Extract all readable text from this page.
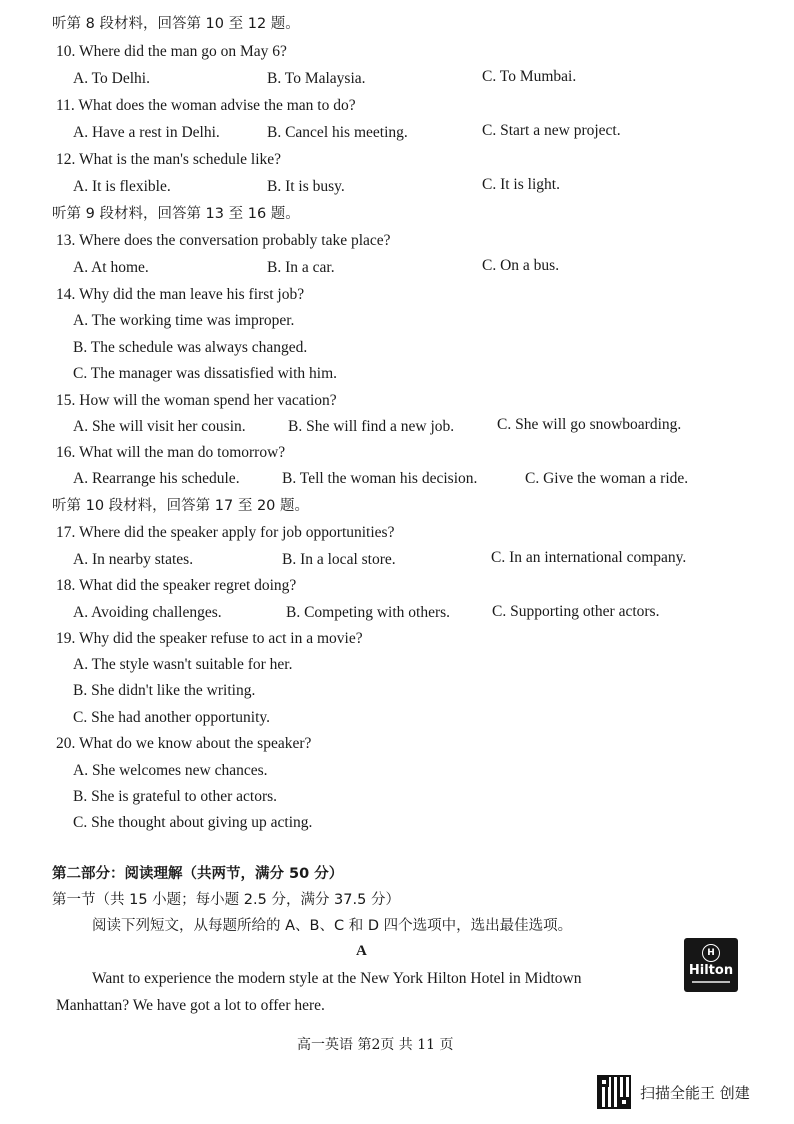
听第 8 段材料，回答第 10 至 12 题。
10. Where did the man go on May 6?
A. To Delhi.	B. To Malaysia.	C. To Mumbai.
11. What does the woman advise the man to do?
A. Have a rest in Delhi.	B. Cancel his meeting.	C. Start a new project.
12. What is the man's schedule like?
A. It is flexible.	B. It is busy.	C. It is light.
听第 9 段材料，回答第 13 至 16 题。
13. Where does the conversation probably take place?
A. At home.	B. In a car.	C. On a bus.
14. Why did the man leave his first job?
A. The working time was improper.
B. The schedule was always changed.
C. The manager was dissatisfied with him.
15. How will the woman spend her vacation?
A. She will visit her cousin.	B. She will find a new job.	C. She will go snowboarding.
16. What will the man do tomorrow?
A. Rearrange his schedule.	B. Tell the woman his decision.	C. Give the woman a ride.
听第 10 段材料，回答第 17 至 20 题。
17. Where did the speaker apply for job opportunities?
A. In nearby states.	B. In a local store.	C. In an international company.
18. What did the speaker regret doing?
A. Avoiding challenges.	B. Competing with others.	C. Supporting other actors.
19. Why did the speaker refuse to act in a movie?
A. The style wasn't suitable for her.
B. She didn't like the writing.
C. She had another opportunity.
20. What do we know about the speaker?
A. She welcomes new chances.
B. She is grateful to other actors.
C. She thought about giving up acting.
第二部分：阅读理解（共两节，满分 50 分）
第一节（共 15 小题；每小题 2.5 分，满分 37.5 分）
阅读下列短文，从每题所给的 A、B、C 和 D 四个选项中，选出最佳选项。
A	H
Hilton
Want to experience the modern style at the New York Hilton Hotel in Midtown
Manhattan? We have got a lot to offer here.
高一英语 第2页 共 11 页
扫描全能王 创建
